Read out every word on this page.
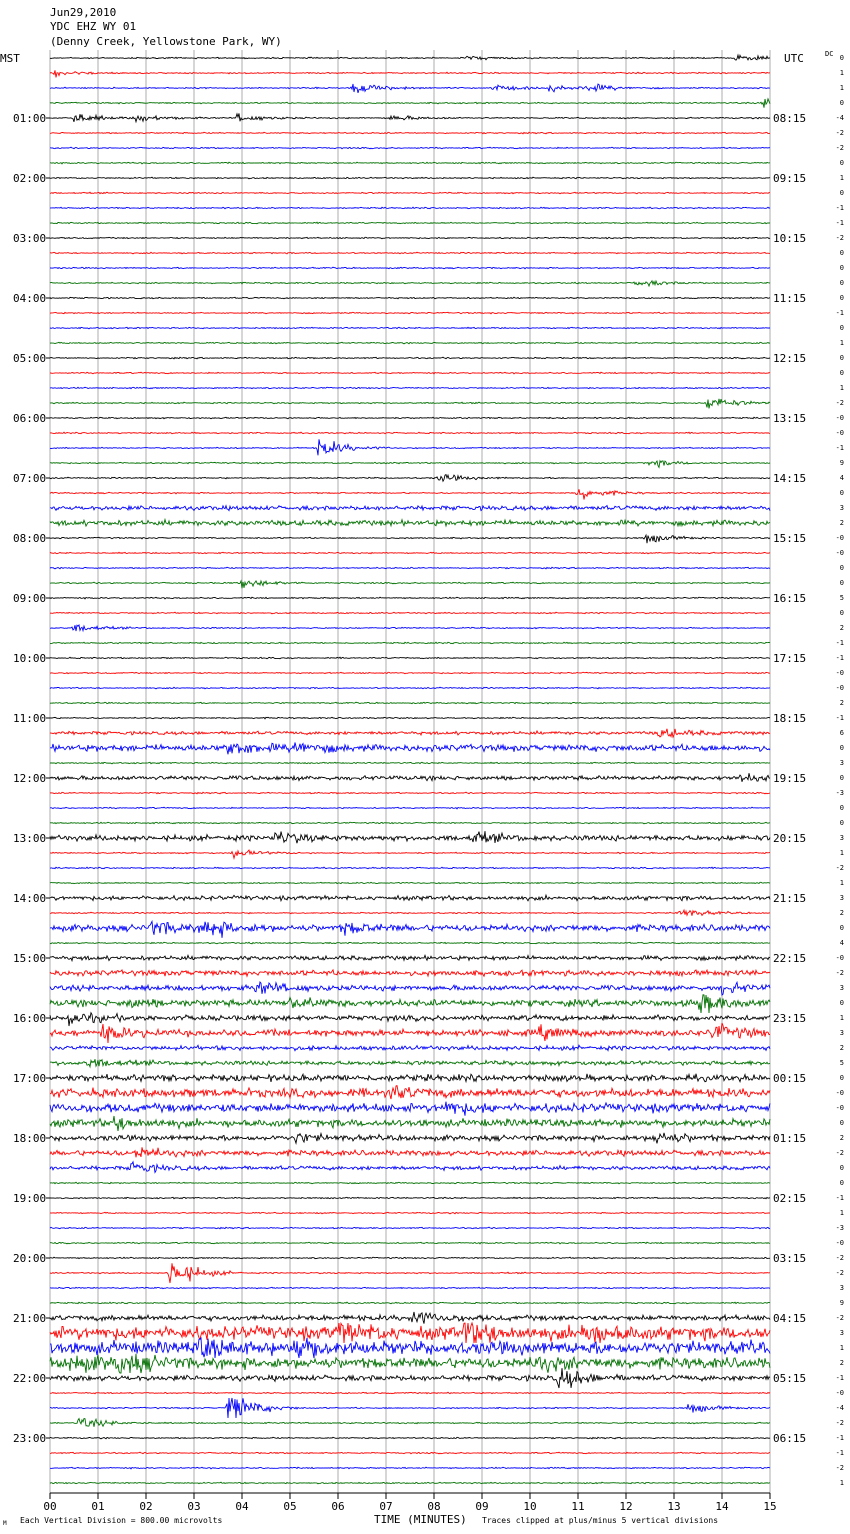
Jun29,2010
YDC EHZ WY 01
(Denny Creek, Yellowstone Park, WY)
MST	UTC	DC
01:00
02:00
03:00
04:00
05:00
06:00
07:00
08:00
09:00
10:00
11:00
12:00
13:00
14:00
15:00
16:00
17:00
18:00
19:00
20:00
21:00
22:00
23:00
08:15
09:15
10:15
11:15
12:15
13:15
14:15
15:15
16:15
17:15
18:15
19:15
20:15
21:15
22:15
23:15
00:15
01:15
02:15
03:15
04:15
05:15
06:15
0
1
1
0
-4
-2
-2
0
1
0
-1
-1
-2
0
0
0
0
-1
0
1
0
0
1
-2
-0
-0
-1
9
4
0
3
2
-0
-0
0
0
5
0
2
-1
-1
-0
-0
2
-1
6
0
3
0
-3
0
0
3
1
-2
1
3
2
0
4
-0
-2
3
0
1
3
2
5
0
-0
-0
0
2
-2
0
0
-1
1
-3
-0
-2
-2
3
9
-2
3
1
2
-1
-0
-4
-2
-1
-1
-2
1
00	01	02	03	04	05	06	07	08	09	10	11	12	13	14	15
M Each Vertical Division = 800.00 microvolts	TIME (MINUTES) Traces clipped at plus/minus 5 vertical divisions
